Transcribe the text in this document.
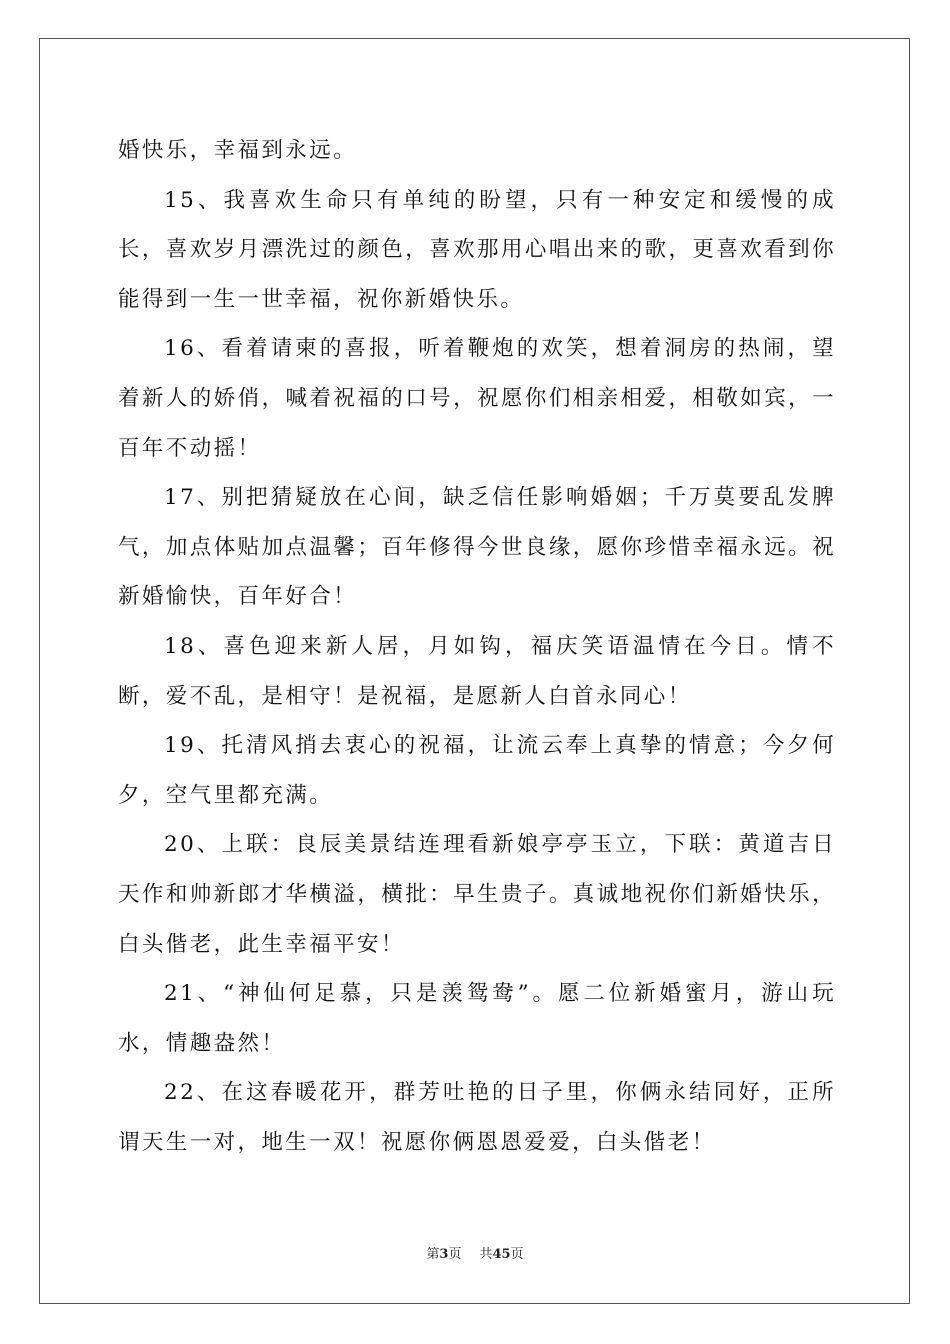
婚快乐，幸福到永远。

15、我喜欢生命只有单纯的盼望，只有一种安定和缓慢的成长，喜欢岁月漂洗过的颜色，喜欢那用心唱出来的歌，更喜欢看到你能得到一生一世幸福，祝你新婚快乐。

16、看着请柬的喜报，听着鞭炮的欢笑，想着洞房的热闹，望着新人的娇俏，喊着祝福的口号，祝愿你们相亲相爱，相敬如宾，一百年不动摇！

17、别把猜疑放在心间，缺乏信任影响婚姻；千万莫要乱发脾气，加点体贴加点温馨；百年修得今世良缘，愿你珍惜幸福永远。祝新婚愉快，百年好合！

18、喜色迎来新人居，月如钩，福庆笑语温情在今日。情不断，爱不乱，是相守！是祝福，是愿新人白首永同心！

19、托清风捎去衷心的祝福，让流云奉上真挚的情意；今夕何夕，空气里都充满。

20、上联：良辰美景结连理看新娘亭亭玉立，下联：黄道吉日天作和帅新郎才华横溢，横批：早生贵子。真诚地祝你们新婚快乐，白头偕老，此生幸福平安！

21、“神仙何足慕，只是羡鸳鸯”。愿二位新婚蜜月，游山玩水，情趣盎然！

22、在这春暖花开，群芳吐艳的日子里，你俩永结同好，正所谓天生一对，地生一双！祝愿你俩恩恩爱爱，白头偕老！

第3页 共45页
